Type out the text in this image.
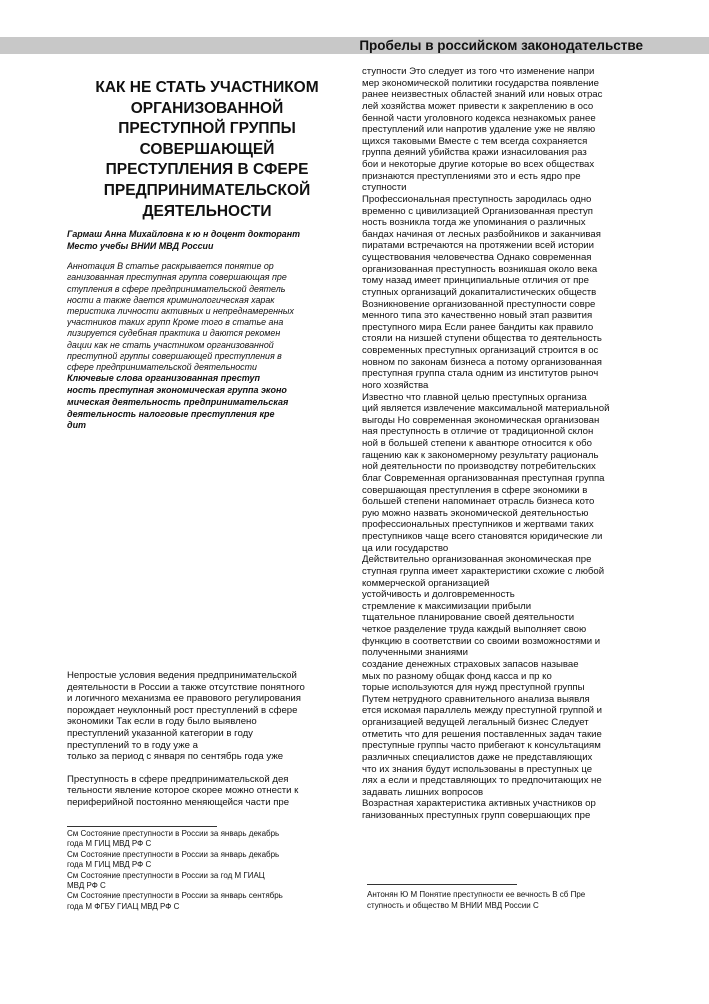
Пробелы в российском законодательстве
КАК НЕ СТАТЬ УЧАСТНИКОМ
ОРГАНИЗОВАННОЙ
ПРЕСТУПНОЙ ГРУППЫ
СОВЕРШАЮЩЕЙ
ПРЕСТУПЛЕНИЯ В СФЕРЕ
ПРЕДПРИНИМАТЕЛЬСКОЙ
ДЕЯТЕЛЬНОСТИ
Гармаш Анна Михайловна к ю н доцент докторант
Место учебы ВНИИ МВД России
Аннотация В статье раскрывается понятие ор
ганизованная преступная группа совершающая пре
ступления в сфере предпринимательской деятель
ности а также дается криминологическая харак
теристика личности активных и непреднамеренных
участников таких групп Кроме того в статье ана
лизируется судебная практика и даются рекомен
дации как не стать участником организованной
преступной группы совершающей преступления в
сфере предпринимательской деятельности
Ключевые слова организованная преступ
ность преступная экономическая группа эконо
мическая деятельность предпринимательская
деятельность налоговые преступления кре
дит
Непростые условия ведения предпринимательской
деятельности в России а также отсутствие понятного
и логичного механизма ее правового регулирования
порождает неуклонный рост преступлений в сфере
экономики Так если в году было выявлено
преступлений указанной категории в году
преступлений то в году уже а
только за период с января по сентябрь года уже
Преступность в сфере предпринимательской дея
тельности явление которое скорее можно отнести к
периферийной постоянно меняющейся части пре
См Состояние преступности в России за январь декабрь
года М ГИЦ МВД РФ С
См Состояние преступности в России за январь декабрь
года М ГИЦ МВД РФ С
См Состояние преступности в России за год М ГИАЦ
МВД РФ С
См Состояние преступности в России за январь сентябрь
года М ФГБУ ГИАЦ МВД РФ С
ступности Это следует из того что изменение напри
мер экономической политики государства появление
ранее неизвестных областей знаний или новых отрас
лей хозяйства может привести к закреплению в осо
бенной части уголовного кодекса незнакомых ранее
преступлений или напротив удаление уже не являю
щихся таковыми Вместе с тем всегда сохраняется
группа деяний убийства кражи изнасилования раз
бои и некоторые другие которые во всех обществах
признаются преступлениями это и есть ядро пре
ступности
Профессиональная преступность зародилась одно
временно с цивилизацией Организованная преступ
ность возникла тогда же упоминания о различных
бандах начиная от лесных разбойников и заканчивая
пиратами встречаются на протяжении всей истории
существования человечества Однако современная
организованная преступность возникшая около века
тому назад имеет принципиальные отличия от пре
ступных организаций докапиталистических обществ
Возникновение организованной преступности совре
менного типа это качественно новый этап развития
преступного мира Если ранее бандиты как правило
стояли на низшей ступени общества то деятельность
современных преступных организаций строится в ос
новном по законам бизнеса а потому организованная
преступная группа стала одним из институтов рыноч
ного хозяйства
Известно что главной целью преступных организа
ций является извлечение максимальной материальной
выгоды Но современная экономическая организован
ная преступность в отличие от традиционной склон
ной в большей степени к авантюре относится к обо
гащению как к закономерному результату рациональ
ной деятельности по производству потребительских
благ Современная организованная преступная группа
совершающая преступления в сфере экономики в
большей степени напоминает отрасль бизнеса кото
рую можно назвать экономической деятельностью
профессиональных преступников и жертвами таких
преступников чаще всего становятся юридические ли
ца или государство
Действительно организованная экономическая пре
ступная группа имеет характеристики схожие с любой
коммерческой организацией
устойчивость и долговременность
стремление к максимизации прибыли
тщательное планирование своей деятельности
четкое разделение труда каждый выполняет свою
функцию в соответствии со своими возможностями и
полученными знаниями
создание денежных страховых запасов называе
мых по разному общак фонд касса и пр ко
торые используются для нужд преступной группы
Путем нетрудного сравнительного анализа выявля
ется искомая параллель между преступной группой и
организацией ведущей легальный бизнес Следует
отметить что для решения поставленных задач такие
преступные группы часто прибегают к консультациям
различных специалистов даже не представляющих
что их знания будут использованы в преступных це
лях а если и представляющих то предпочитающих не
задавать лишних вопросов
Возрастная характеристика активных участников ор
ганизованных преступных групп совершающих пре
Антонян Ю М Понятие преступности ее вечность В сб Пре
ступность и общество М ВНИИ МВД России С
